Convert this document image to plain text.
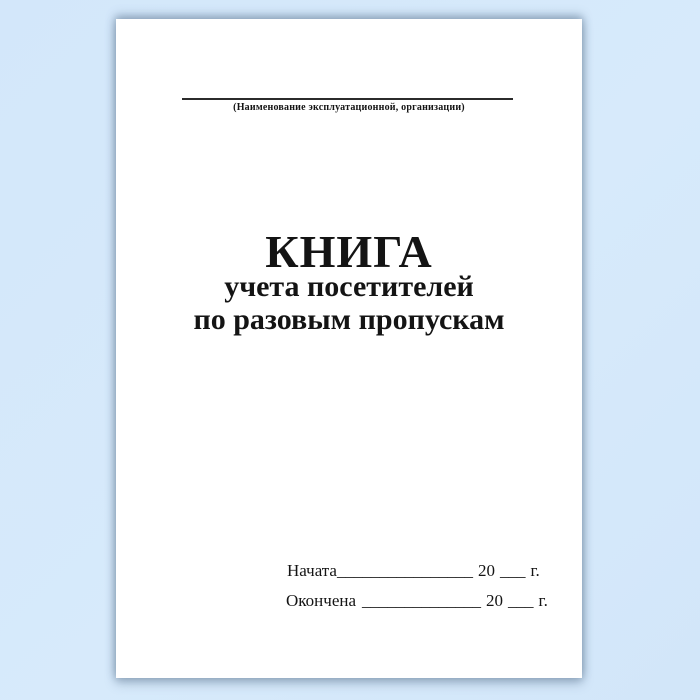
(Наименование эксплуатационной, организации)
КНИГА
учета посетителей
по разовым пропускам
Начата________________ 20 ___ г.
Окончена ______________ 20 ___ г.
